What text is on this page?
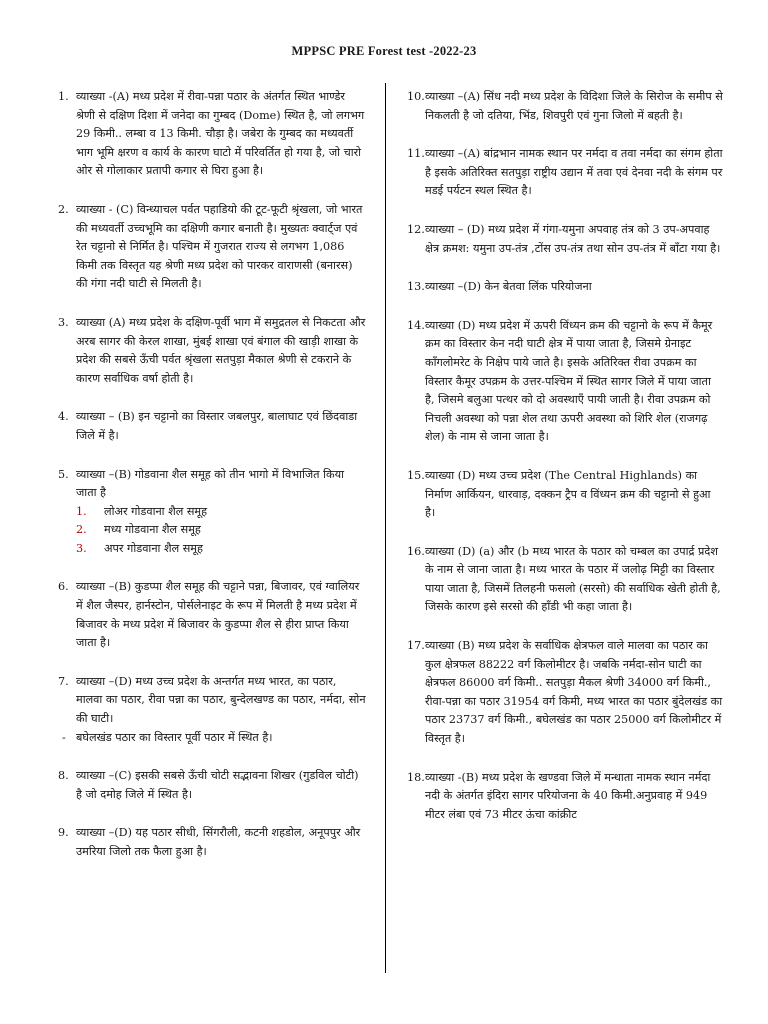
MPPSC PRE Forest test -2022-23
1. व्याख्या -(A) मध्य प्रदेश में रीवा-पन्ना पठार के अंतर्गत स्थित भाण्डेर श्रेणी से दक्षिण दिशा में जनेदा का गुम्बद (Dome) स्थित है, जो लगभग 29 किमी.. लम्बा व 13 किमी. चौड़ा है। जबेरा के गुम्बद का मध्यवर्ती भाग भूमि क्षरण व कार्य के कारण घाटो में परिवर्तित हो गया है, जो चारो ओर से गोलाकार प्रतापी कगार से घिरा हुआ है।
2. व्याख्या - (C) विन्ध्याचल पर्वत पहाडियो की टूट-फूटी श्रृंखला, जो भारत की मध्यवर्ती उच्चभूमि का दक्षिणी कगार बनाती है। मुख्यतः क्वार्ट्ज एवं रेत चट्टानो से निर्मित है। पश्चिम में गुजरात राज्य से लगभग 1,086 किमी तक विस्तृत यह श्रेणी मध्य प्रदेश को पारकर वाराणसी (बनारस) की गंगा नदी घाटी से मिलती है।
3. व्याख्या (A) मध्य प्रदेश के दक्षिण-पूर्वी भाग में समुद्रतल से निकटता और अरब सागर की केरल शाखा, मुंबई शाखा एवं बंगाल की खाड़ी शाखा के प्रदेश की सबसे ऊँची पर्वत श्रृंखला सतपुड़ा मैकाल श्रेणी से टकराने के कारण सर्वाधिक वर्षा होती है।
4. व्याख्या – (B) इन चट्टानो का विस्तार जबलपुर, बालाघाट एवं छिंदवाडा जिले में है।
5. व्याख्या –(B) गोडवाना शैल समूह को तीन भागो में विभाजित किया जाता है
1. लोअर गोडवाना शैल समूह
2. मध्य गोडवाना शैल समूह
3. अपर गोडवाना शैल समूह
6. व्याख्या –(B) कुडप्पा शैल समूह की चट्टाने पन्ना, बिजावर, एवं ग्वालियर में शैल जैस्पर, हार्नस्टोन, पोर्सलेनाइट के रूप में मिलती है मध्य प्रदेश में बिजावर के मध्य प्रदेश में बिजावर के कुडप्पा शैल से हीरा प्राप्त किया जाता है।
7. व्याख्या –(D) मध्य उच्च प्रदेश के अन्तर्गत मध्य भारत, का पठार, मालवा का पठार, रीवा पन्ना का पठार, बुन्देलखण्ड का पठार, नर्मदा, सोन की घाटी।
- बघेलखंड पठार का विस्तार पूर्वी पठार में स्थित है।
8. व्याख्या –(C) इसकी सबसे ऊँची चोटी सद्भावना शिखर (गुडविल चोटी) है जो दमोह जिले में स्थित है।
9. व्याख्या –(D) यह पठार सीधी, सिंगरौली, कटनी शहडोल, अनूपपुर और उमरिया जिलो तक फैला हुआ है।
10. व्याख्या –(A) सिंध नदी मध्य प्रदेश के विदिशा जिले के सिरोज के समीप से निकलती है जो दतिया, भिंड, शिवपुरी एवं गुना जिलो में बहती है।
11. व्याख्या –(A) बांद्रभान नामक स्थान पर नर्मदा व तवा नर्मदा का संगम होता है इसके अतिरिक्त सतपुड़ा राष्ट्रीय उद्यान में तवा एवं देनवा नदी के संगम पर मडई पर्यटन स्थल स्थित है।
12. व्याख्या – (D) मध्य प्रदेश में गंगा-यमुना अपवाह तंत्र को 3 उप-अपवाह क्षेत्र क्रमश: यमुना उप-तंत्र ,टोंस उप-तंत्र तथा सोन उप-तंत्र में बाँटा गया है।
13. व्याख्या –(D) केन बेतवा लिंक परियोजना
14. व्याख्या (D) मध्य प्रदेश में ऊपरी विंध्यन क्रम की चट्टानो के रूप में कैमूर क्रम का विस्तार केन नदी घाटी क्षेत्र में पाया जाता है, जिसमे ग्रेनाइट कॉंगलोमरेट के निक्षेप पाये जाते है। इसके अतिरिक्त रीवा उपक्रम का विस्तार कैमूर उपक्रम के उत्तर-पश्चिम में स्थित सागर जिले में पाया जाता है, जिसमे बलुआ पत्थर को दो अवस्थाएँ पायी जाती है। रीवा उपक्रम को निचली अवस्था को पन्ना शेल तथा ऊपरी अवस्था को शिरि शेल (राजगढ़ शेल) के नाम से जाना जाता है।
15. व्याख्या (D) मध्य उच्च प्रदेश (The Central Highlands) का निर्माण आर्कियन, धारवाड़, दक्कन ट्रैप व विंध्यन क्रम की चट्टानो से हुआ है।
16. व्याख्या (D) (a) और (b मध्य भारत के पठार को चम्बल का उपार्द्र प्रदेश के नाम से जाना जाता है। मध्य भारत के पठार में जलोढ़ मिट्टी का विस्तार पाया जाता है, जिसमें तिलहनी फसलो (सरसो) की सर्वाधिक खेती होती है, जिसके कारण इसे सरसो की हाँडी भी कहा जाता है।
17. व्याख्या (B) मध्य प्रदेश के सर्वाधिक क्षेत्रफल वाले मालवा का पठार का कुल क्षेत्रफल 88222 वर्ग किलोमीटर है। जबकि नर्मदा-सोन घाटी का क्षेत्रफल 86000 वर्ग किमी.. सतपुड़ा मैकल श्रेणी 34000 वर्ग किमी., रीवा-पन्ना का पठार 31954 वर्ग किमी, मध्य भारत का पठार बुंदेलखंड का पठार 23737 वर्ग किमी., बघेलखंड का पठार 25000 वर्ग किलोमीटर में विस्तृत है।
18. व्याख्या -(B) मध्य प्रदेश के खण्डवा जिले में मन्धाता नामक स्थान नर्मदा नदी के अंतर्गत इंदिरा सागर परियोजना के 40 किमी.अनुप्रवाह में 949 मीटर लंबा एवं 73 मीटर ऊंचा कांक्रीट
